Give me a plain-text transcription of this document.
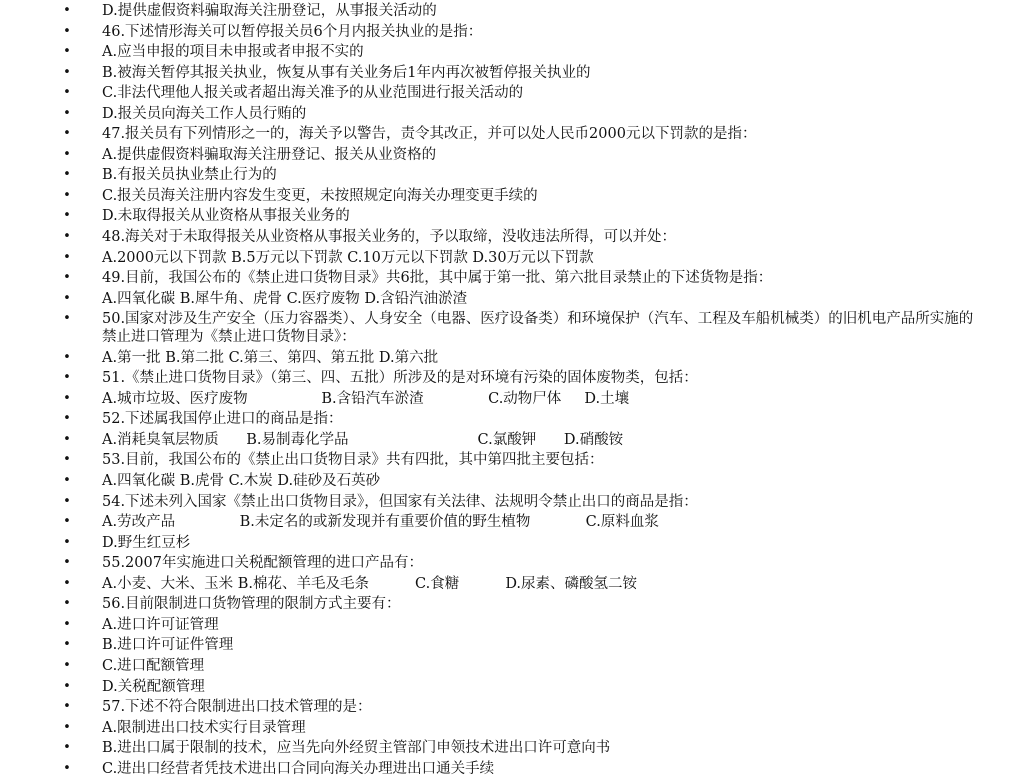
• D.提供虚假资料骗取海关注册登记，从事报关活动的
• 46.下述情形海关可以暂停报关员6个月内报关执业的是指：
• A.应当申报的项目未申报或者申报不实的
• B.被海关暂停其报关执业，恢复从事有关业务后1年内再次被暂停报关执业的
• C.非法代理他人报关或者超出海关准予的从业范围进行报关活动的
• D.报关员向海关工作人员行贿的
• 47.报关员有下列情形之一的，海关予以警告，责令其改正，并可以处人民币2000元以下罚款的是指：
• A.提供虚假资料骗取海关注册登记、报关从业资格的
• B.有报关员执业禁止行为的
• C.报关员海关注册内容发生变更，未按照规定向海关办理变更手续的
• D.未取得报关从业资格从事报关业务的
• 48.海关对于未取得报关从业资格从事报关业务的，予以取缔，没收违法所得，可以并处：
• A.2000元以下罚款 B.5万元以下罚款 C.10万元以下罚款 D.30万元以下罚款
• 49.目前，我国公布的《禁止进口货物目录》共6批，其中属于第一批、第六批目录禁止的下述货物是指：
• A.四氧化碳 B.犀牛角、虎骨 C.医疗废物 D.含铅汽油淤渣
• 50.国家对涉及生产安全（压力容器类）、人身安全（电器、医疗设备类）和环境保护（汽车、工程及车船机械类）的旧机电产品所实施的禁止进口管理为《禁止进口货物目录》：
• A.第一批 B.第二批 C.第三、第四、第五批 D.第六批
• 51.《禁止进口货物目录》（第三、四、五批）所涉及的是对环境有污染的固体废物类，包括：
• A.城市垃圾、医疗废物                B.含铅汽车淤渣              C.动物尸体     D.土壤
• 52.下述属我国停止进口的商品是指：
• A.消耗臭氧层物质      B.易制毒化学品                            C.氯酸钾      D.硝酸铵
• 53.目前，我国公布的《禁止出口货物目录》共有四批，其中第四批主要包括：
• A.四氧化碳 B.虎骨 C.木炭 D.硅砂及石英砂
• 54.下述未列入国家《禁止出口货物目录》，但国家有关法律、法规明令禁止出口的商品是指：
• A.劳改产品              B.未定名的或新发现并有重要价值的野生植物            C.原料血浆
• D.野生红豆杉
• 55.2007年实施进口关税配额管理的进口产品有：
• A.小麦、大米、玉米 B.棉花、羊毛及毛条          C.食糖          D.尿素、磷酸氢二铵
• 56.目前限制进口货物管理的限制方式主要有：
• A.进口许可证管理
• B.进口许可证件管理
• C.进口配额管理
• D.关税配额管理
• 57.下述不符合限制进出口技术管理的是：
• A.限制进出口技术实行目录管理
• B.进出口属于限制的技术，应当先向外经贸主管部门申领技术进出口许可意向书
• C.进出口经营者凭技术进出口合同向海关办理进出口通关手续
